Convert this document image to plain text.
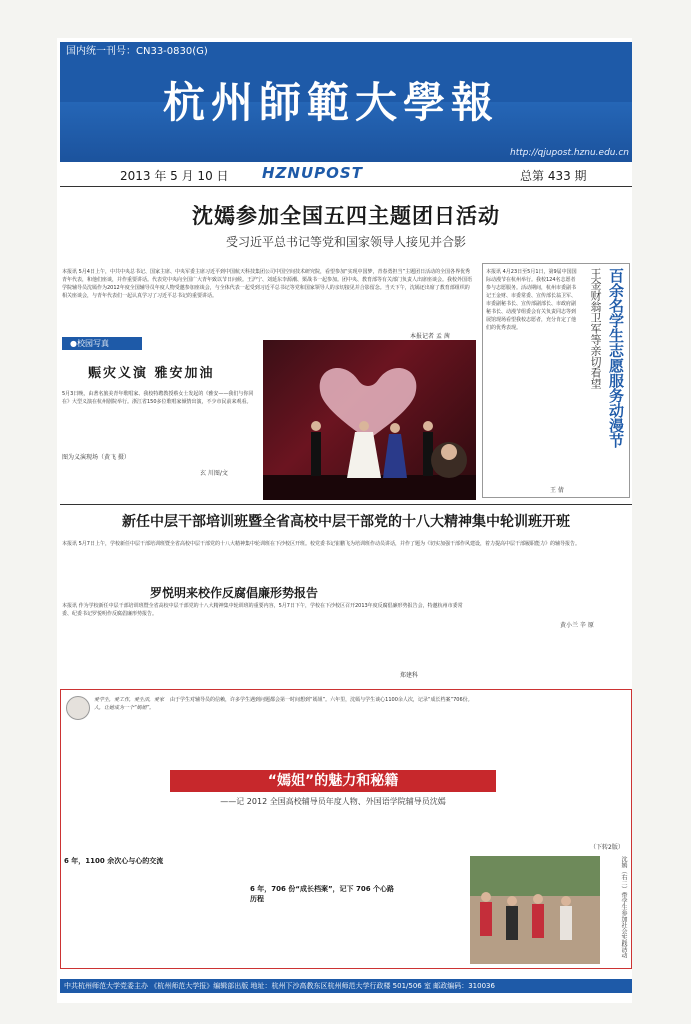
国内统一刊号：CN33-0830(G)
杭州師範大學報
http://qjupost.hznu.edu.cn
2013 年 5 月 10 日 HZNUPOST	总第 433 期
沈嫣参加全国五四主题团日活动
受习近平总书记等党和国家领导人接见并合影
本报讯 5月4日上午，中共中央总书记、国家主席、中央军委主席习近平到中国航天科技集团公司中国空间技术研究院，看望参加“实现中国梦，青春勇担当”主题团日活动的全国各界优秀青年代表，和他们座谈，并作重要讲话。代表党中央向全国广大青年致以节日问候。王沪宁、刘延东李源潮、栗战书一起参加。团中央、教育部等有关部门负责人出席座谈会。我校外国语学院辅导员沈嫣作为2012年度全国辅导员年度人物受邀参加座谈会，与全体代表一起受到习近平总书记等党和国家领导人的亲切接见并合影留念。当天下午，沈嫣还出席了教育部组织的相关座谈会，与青年代表们一起认真学习了习近平总书记的重要讲话。
本报记者 孟 茜	百余名学生志愿服务动漫节
王金财翁卫军等亲切看望
本报讯 4月23日至5月1日，第9届中国国际动漫节在杭州举行。我校124名志愿者参与志愿服务。活动期间，杭州市委副书记王金财、市委常委、宣传部长翁卫军、市委副秘书长、宣传部副部长、市政府副秘书长、动漫节组委会有关负责同志等到展馆现场看望我校志愿者，充分肯定了他们的优秀表现。
王 倩
●校园写真
赈灾义演 雅安加油
5月3日晚，由著名旅美青年歌唱家、我校特聘教授蔡女士发起的《雅安——我们与你同在》大型义演在杭州剧院举行。浙江省150多位歌唱家倾情出演，不少市民前来观看。
图为义演现场（黄飞 摄）
玄 川图/文
新任中层干部培训班暨全省高校中层干部党的十八大精神集中轮训班开班
本报讯 5月7日上午，学校新任中层干部培训班暨全省高校中层干部党的十八大精神集中轮训班在下沙校区开班。校党委书记崔鹏飞为培训班作动员讲话，并作了题为《切实加强干部作风建设，着力提高中层干部履职能力》的辅导报告。
黄小兰 辛 原
罗悦明来校作反腐倡廉形势报告
本报讯 作为学校新任中层干部培训班暨全省高校中层干部党的十八大精神集中轮训班的重要内容，5月7日下午，学校在下沙校区召开2013年度反腐倡廉形势报告会，特邀杭州市委常委、纪委书记罗悦明作反腐倡廉形势报告。
郑建科
爱学生，爱工作，爱生活，爱家人，让她成为一个“嫣姐”。
6 年，1100 余次心与心的交流
6 年，706 份“成长档案”，记下 706 个心路历程
由于学生对辅导员的信赖，许多学生遇到问题都会第一时间想到“嫣姐”。六年里，沈嫣与学生谈心1100余人次，记录“成长档案”706份。
“嫣姐”的魅力和秘籍
——记 2012 全国高校辅导员年度人物、外国语学院辅导员沈嫣
（下转2版）
沈嫣（右二）带学生参加社会实践活动
中共杭州师范大学党委主办 《杭州师范大学报》编辑部出版 地址：杭州下沙高教东区杭州师范大学行政楼 501/506 室 邮政编码：310036
